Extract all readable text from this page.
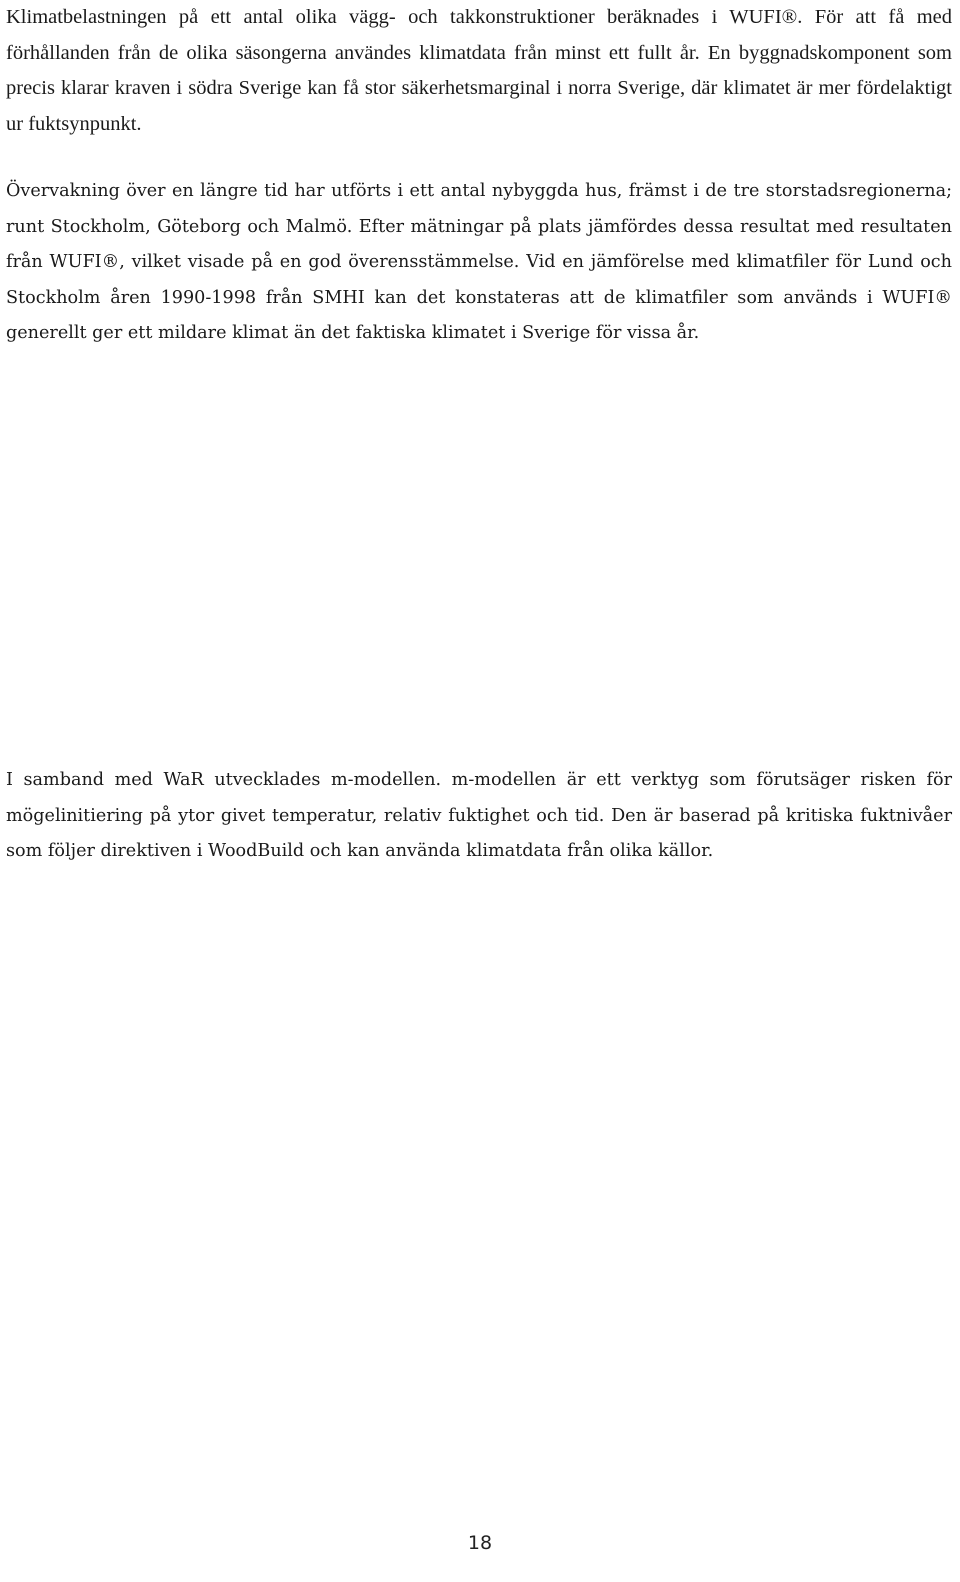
Klimatbelastningen på ett antal olika vägg- och takkonstruktioner beräknades i WUFI®. För att få med förhållanden från de olika säsongerna användes klimatdata från minst ett fullt år. En byggnadskomponent som precis klarar kraven i södra Sverige kan få stor säkerhetsmarginal i norra Sverige, där klimatet är mer fördelaktigt ur fuktsynpunkt.

Övervakning över en längre tid har utförts i ett antal nybyggda hus, främst i de tre storstadsregionerna; runt Stockholm, Göteborg och Malmö. Efter mätningar på plats jämfördes dessa resultat med resultaten från WUFI®, vilket visade på en god överensstämmelse. Vid en jämförelse med klimatfiler för Lund och Stockholm åren 1990-1998 från SMHI kan det konstateras att de klimatfiler som används i WUFI® generellt ger ett mildare klimat än det faktiska klimatet i Sverige för vissa år.

I samband med WaR utvecklades m-modellen. m-modellen är ett verktyg som förutsäger risken för mögelinitiering på ytor givet temperatur, relativ fuktighet och tid. Den är baserad på kritiska fuktnivåer som följer direktiven i WoodBuild och kan använda klimatdata från olika källor.

18
